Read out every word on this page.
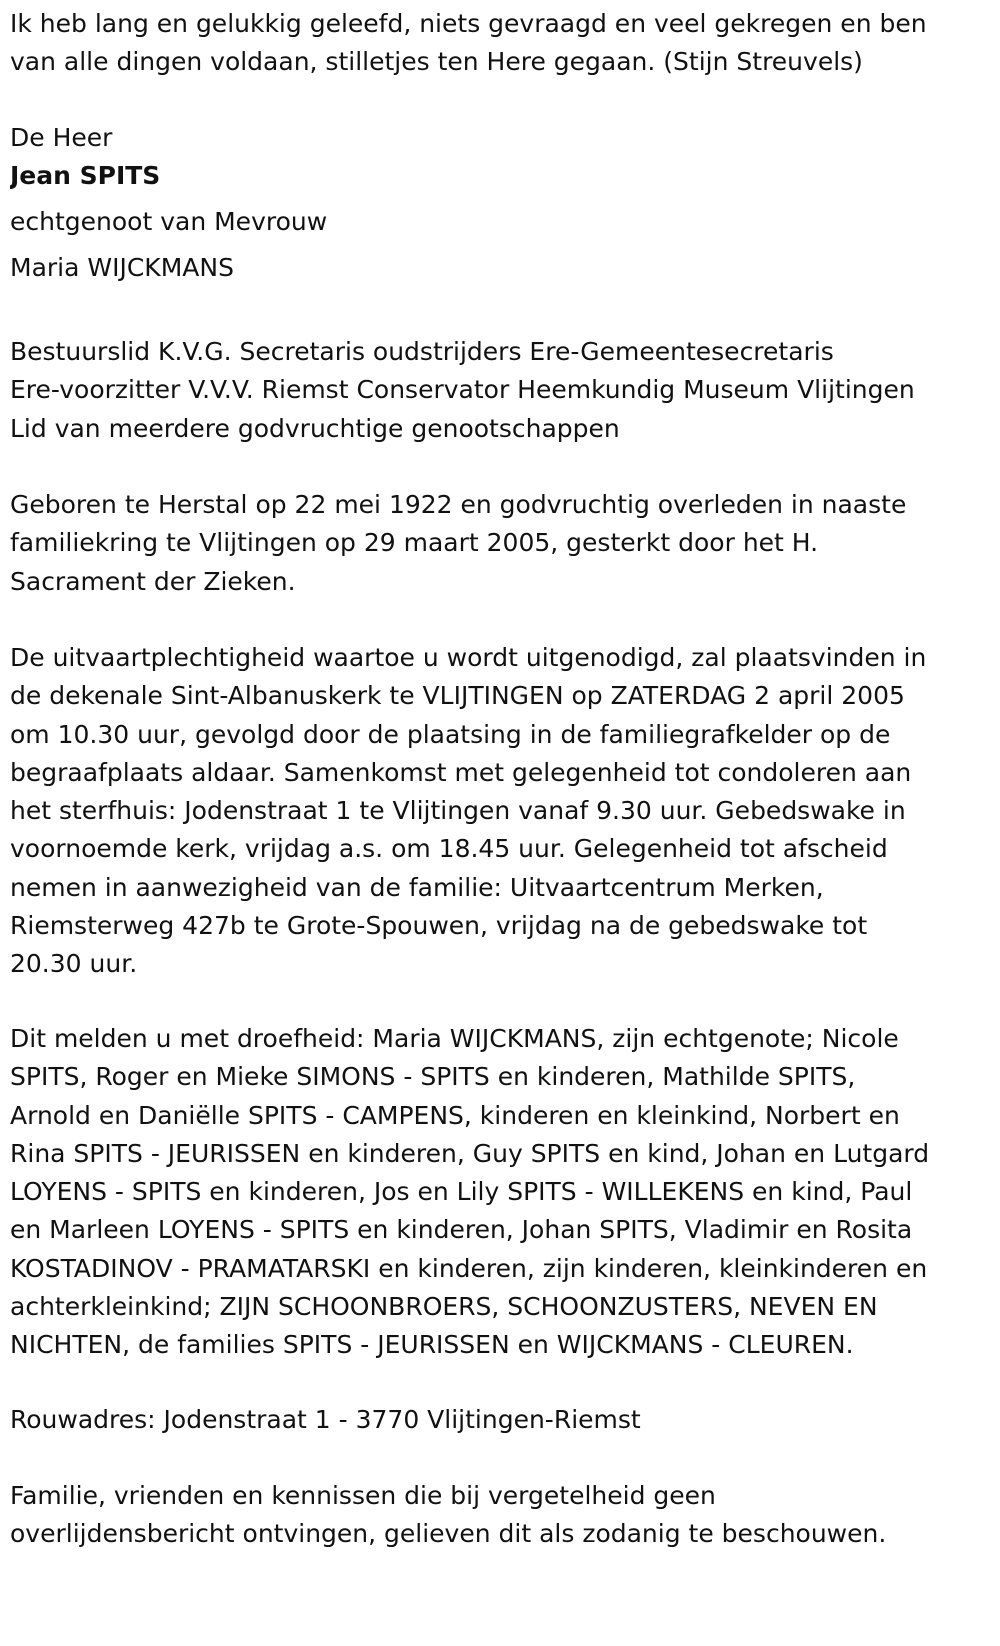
Ik heb lang en gelukkig geleefd, niets gevraagd en veel gekregen en ben

van alle dingen voldaan, stilletjes ten Here gegaan. (Stijn Streuvels)

De Heer

Jean SPITS

echtgenoot van Mevrouw

Maria WIJCKMANS

Bestuurslid K.V.G. Secretaris oudstrijders Ere-Gemeentesecretaris

Ere-voorzitter V.V.V. Riemst Conservator Heemkundig Museum Vlijtingen

Lid van meerdere godvruchtige genootschappen

Geboren te Herstal op 22 mei 1922 en godvruchtig overleden in naaste

familiekring te Vlijtingen op 29 maart 2005, gesterkt door het H.

Sacrament der Zieken.

De uitvaartplechtigheid waartoe u wordt uitgenodigd, zal plaatsvinden in

de dekenale Sint-Albanuskerk te VLIJTINGEN op ZATERDAG 2 april 2005

om 10.30 uur, gevolgd door de plaatsing in de familiegrafkelder op de

begraafplaats aldaar. Samenkomst met gelegenheid tot condoleren aan

het sterfhuis: Jodenstraat 1 te Vlijtingen vanaf 9.30 uur. Gebedswake in

voornoemde kerk, vrijdag a.s. om 18.45 uur. Gelegenheid tot afscheid

nemen in aanwezigheid van de familie: Uitvaartcentrum Merken,

Riemsterweg 427b te Grote-Spouwen, vrijdag na de gebedswake tot

20.30 uur.

Dit melden u met droefheid: Maria WIJCKMANS, zijn echtgenote; Nicole

SPITS, Roger en Mieke SIMONS - SPITS en kinderen, Mathilde SPITS,

Arnold en Daniëlle SPITS - CAMPENS, kinderen en kleinkind, Norbert en

Rina SPITS - JEURISSEN en kinderen, Guy SPITS en kind, Johan en Lutgard

LOYENS - SPITS en kinderen, Jos en Lily SPITS - WILLEKENS en kind, Paul

en Marleen LOYENS - SPITS en kinderen, Johan SPITS, Vladimir en Rosita

KOSTADINOV - PRAMATARSKI en kinderen, zijn kinderen, kleinkinderen en

achterkleinkind; ZIJN SCHOONBROERS, SCHOONZUSTERS, NEVEN EN

NICHTEN, de families SPITS - JEURISSEN en WIJCKMANS - CLEUREN.

Rouwadres: Jodenstraat 1 - 3770 Vlijtingen-Riemst

Familie, vrienden en kennissen die bij vergetelheid geen

overlijdensbericht ontvingen, gelieven dit als zodanig te beschouwen.
